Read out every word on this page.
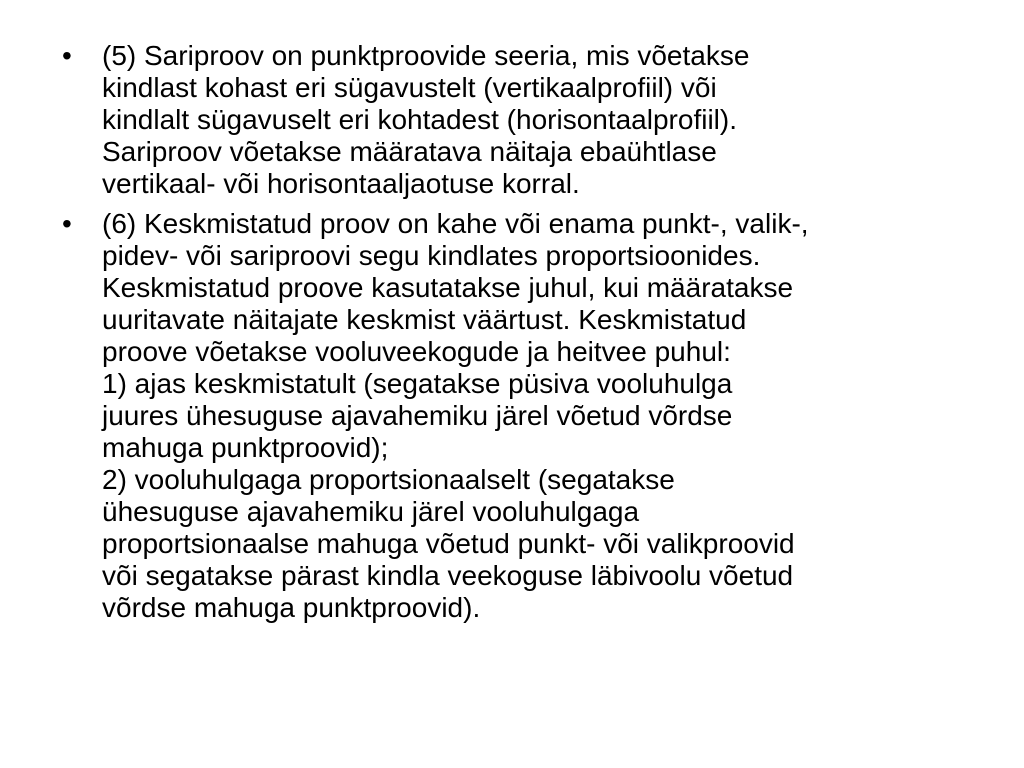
• (5) Sariproov on punktproovide seeria, mis võetakse
kindlast kohast eri sügavustelt (vertikaalprofiil) või
kindlalt sügavuselt eri kohtadest (horisontaalprofiil).
Sariproov võetakse määratava näitaja ebaühtlase
vertikaal- või horisontaaljaotuse korral.
• (6) Keskmistatud proov on kahe või enama punkt-, valik-,
pidev- või sariproovi segu kindlates proportsioonides.
Keskmistatud proove kasutatakse juhul, kui määratakse
uuritavate näitajate keskmist väärtust. Keskmistatud
proove võetakse vooluveekogude ja heitvee puhul:
1) ajas keskmistatult (segatakse püsiva vooluhulga
juures ühesuguse ajavahemiku järel võetud võrdse
mahuga punktproovid);
2) vooluhulgaga proportsionaalselt (segatakse
ühesuguse ajavahemiku järel vooluhulgaga
proportsionaalse mahuga võetud punkt- või valikproovid
või segatakse pärast kindla veekoguse läbivoolu võetud
võrdse mahuga punktproovid).
